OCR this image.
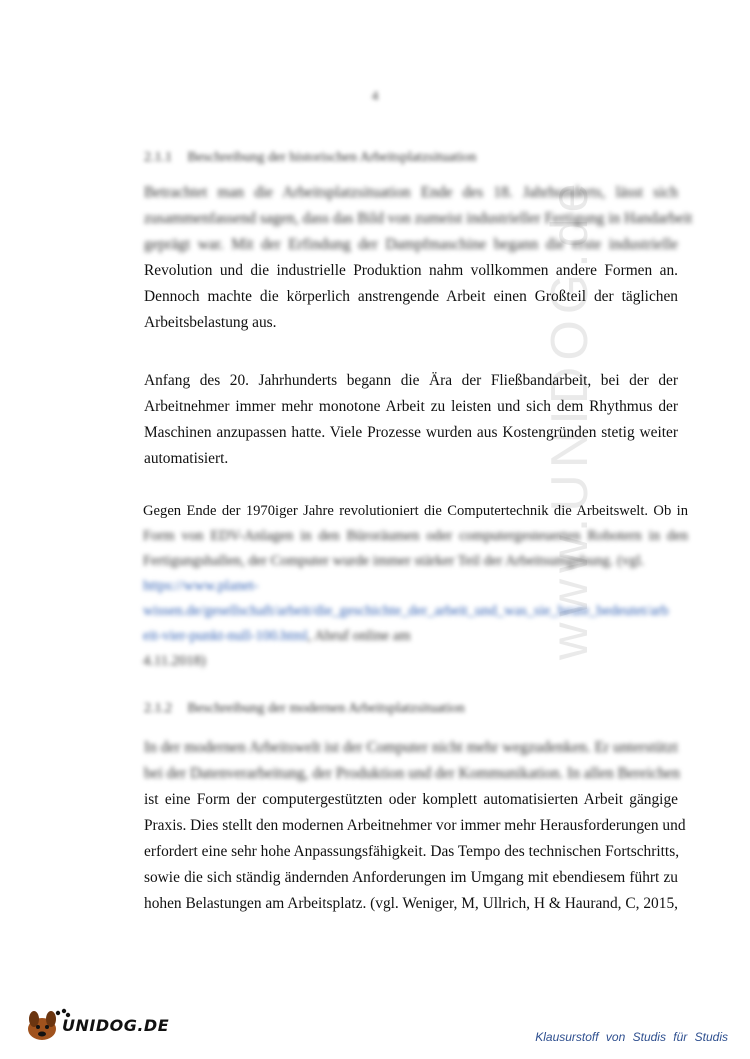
www.UNIDOG.de
4
2.1.1 Beschreibung der historischen Arbeitsplatzsituation
Betrachtet man die Arbeitsplatzsituation Ende des 18. Jahrhunderts, lässt sich
zusammenfassend sagen, dass das Bild von zumeist industrieller Fertigung in Handarbeit
geprägt war. Mit der Erfindung der Dampfmaschine begann die erste industrielle
Revolution und die industrielle Produktion nahm vollkommen andere Formen an.
Dennoch machte die körperlich anstrengende Arbeit einen Großteil der täglichen
Arbeitsbelastung aus.
Anfang des 20. Jahrhunderts begann die Ära der Fließbandarbeit, bei der der
Arbeitnehmer immer mehr monotone Arbeit zu leisten und sich dem Rhythmus der
Maschinen anzupassen hatte. Viele Prozesse wurden aus Kostengründen stetig weiter
automatisiert.
Gegen Ende der 1970iger Jahre revolutioniert die Computertechnik die Arbeitswelt. Ob in
Form von EDV-Anlagen in den Büroräumen oder computergesteuerten Robotern in den
Fertigungshallen, der Computer wurde immer stärker Teil der Arbeitsumgebung. (vgl.
https://www.planet-
wissen.de/gesellschaft/arbeit/die_geschichte_der_arbeit_und_was_sie_heute_bedeutet/arb
eit-vier-punkt-null-100.html, Abruf online am
4.11.2018)
2.1.2 Beschreibung der modernen Arbeitsplatzsituation
In der modernen Arbeitswelt ist der Computer nicht mehr wegzudenken. Er unterstützt
bei der Datenverarbeitung, der Produktion und der Kommunikation. In allen Bereichen
ist eine Form der computergestützten oder komplett automatisierten Arbeit gängige
Praxis. Dies stellt den modernen Arbeitnehmer vor immer mehr Herausforderungen und
erfordert eine sehr hohe Anpassungsfähigkeit. Das Tempo des technischen Fortschritts,
sowie die sich ständig ändernden Anforderungen im Umgang mit ebendiesem führt zu
hohen Belastungen am Arbeitsplatz. (vgl. Weniger, M, Ullrich, H & Haurand, C, 2015,
UNIDOG.DE
Klausurstoff von Studis für Studis
